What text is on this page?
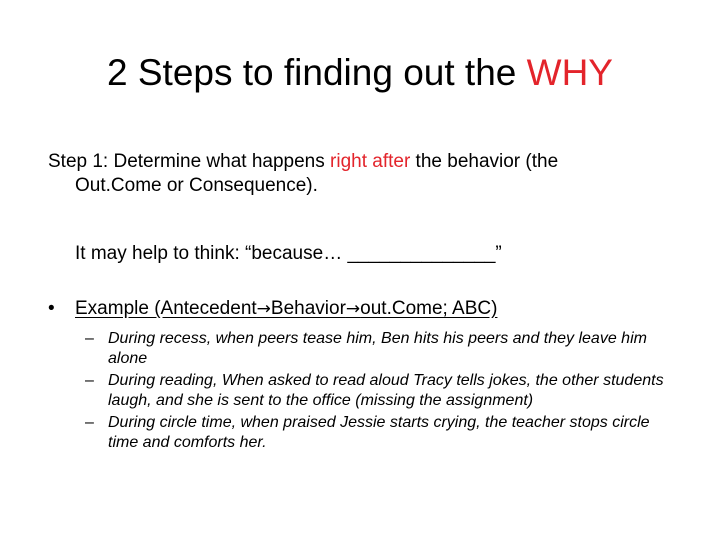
2 Steps to finding out the WHY
Step 1: Determine what happens right after the behavior (the
Out.Come or Consequence).
It may help to think: “because… ______________”
• Example (Antecedent→Behavior→out.Come; ABC)
– During recess, when peers tease him, Ben hits his peers and they leave him alone
– During reading, When asked to read aloud Tracy tells jokes, the other students laugh, and she is sent to the office (missing the assignment)
– During circle time, when praised Jessie starts crying, the teacher stops circle time and comforts her.
